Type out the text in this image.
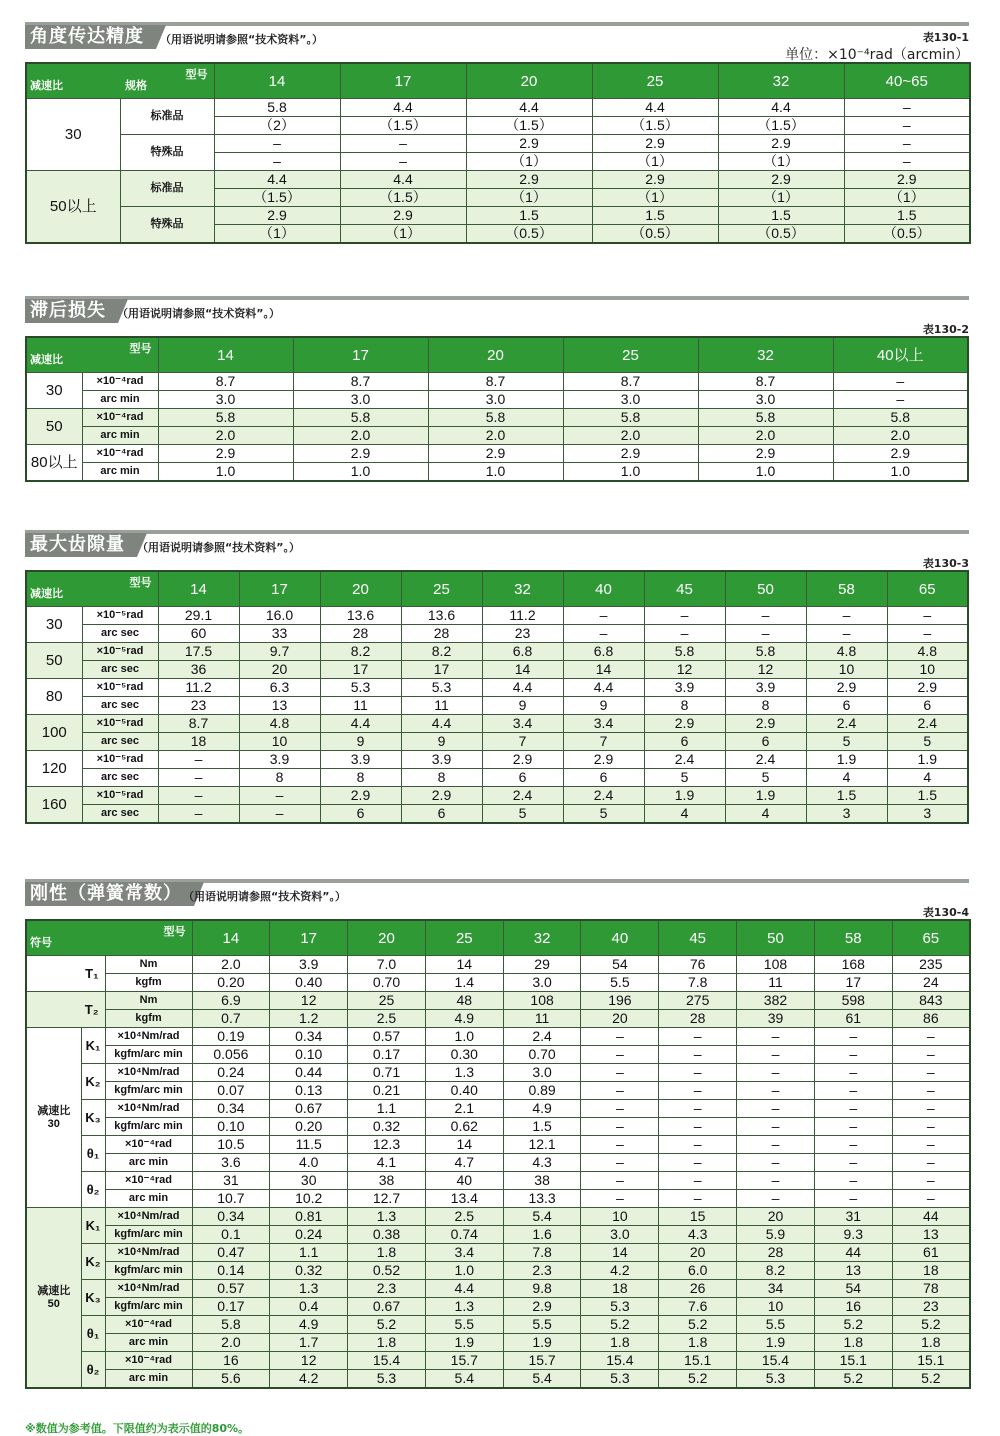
角度传达精度	（用语说明请参照“技术资料”。）	表130-1
单位：×10⁻⁴rad（arcmin）
型号
减速比 规格		14	17	20	25	32	40~65
30	标准品	5.8	4.4	4.4	4.4	4.4	–
		（2）	（1.5）	（1.5）	（1.5）	（1.5）	–
	特殊品	–	–	2.9	2.9	2.9	–
		–	–	（1）	（1）	（1）	–
50以上	标准品	4.4	4.4	2.9	2.9	2.9	2.9
		（1.5）	（1.5）	（1）	（1）	（1）	（1）
	特殊品	2.9	2.9	1.5	1.5	1.5	1.5
		（1）	（1）	（0.5）	（0.5）	（0.5）	（0.5）
滞后损失	（用语说明请参照“技术资料”。）
表130-2
型号
减速比		14	17	20	25	32	40以上
30	×10⁻⁴rad	8.7	8.7	8.7	8.7	8.7	–
	arc min	3.0	3.0	3.0	3.0	3.0	–
50	×10⁻⁴rad	5.8	5.8	5.8	5.8	5.8	5.8
	arc min	2.0	2.0	2.0	2.0	2.0	2.0
80以上	×10⁻⁴rad	2.9	2.9	2.9	2.9	2.9	2.9
	arc min	1.0	1.0	1.0	1.0	1.0	1.0
最大齿隙量	（用语说明请参照“技术资料”。）
表130-3
型号
减速比		14	17	20	25	32	40	45	50	58	65
30	×10⁻⁵rad	29.1	16.0	13.6	13.6	11.2	–	–	–	–	–
	arc sec	60	33	28	28	23	–	–	–	–	–
50	×10⁻⁵rad	17.5	9.7	8.2	8.2	6.8	6.8	5.8	5.8	4.8	4.8
	arc sec	36	20	17	17	14	14	12	12	10	10
80	×10⁻⁵rad	11.2	6.3	5.3	5.3	4.4	4.4	3.9	3.9	2.9	2.9
	arc sec	23	13	11	11	9	9	8	8	6	6
100	×10⁻⁵rad	8.7	4.8	4.4	4.4	3.4	3.4	2.9	2.9	2.4	2.4
	arc sec	18	10	9	9	7	7	6	6	5	5
120	×10⁻⁵rad	–	3.9	3.9	3.9	2.9	2.9	2.4	2.4	1.9	1.9
	arc sec	–	8	8	8	6	6	5	5	4	4
160	×10⁻⁵rad	–	–	2.9	2.9	2.4	2.4	1.9	1.9	1.5	1.5
	arc sec	–	–	6	6	5	5	4	4	3	3
刚性（弹簧常数） （用语说明请参照“技术资料”。）
表130-4
型号
符号			14	17	20	25	32	40	45	50	58	65
T₁		Nm	2.0	3.9	7.0	14	29	54	76	108	168	235
		kgfm	0.20	0.40	0.70	1.4	3.0	5.5	7.8	11	17	24
T₂		Nm	6.9	12	25	48	108	196	275	382	598	843
		kgfm	0.7	1.2	2.5	4.9	11	20	28	39	61	86
减速比
30	K₁	×10⁴Nm/rad	0.19	0.34	0.57	1.0	2.4	–	–	–	–	–
		kgfm/arc min	0.056	0.10	0.17	0.30	0.70	–	–	–	–	–
	K₂	×10⁴Nm/rad	0.24	0.44	0.71	1.3	3.0	–	–	–	–	–
		kgfm/arc min	0.07	0.13	0.21	0.40	0.89	–	–	–	–	–
	K₃	×10⁴Nm/rad	0.34	0.67	1.1	2.1	4.9	–	–	–	–	–
		kgfm/arc min	0.10	0.20	0.32	0.62	1.5	–	–	–	–	–
	θ₁	×10⁻⁴rad	10.5	11.5	12.3	14	12.1	–	–	–	–	–
		arc min	3.6	4.0	4.1	4.7	4.3	–	–	–	–	–
	θ₂	×10⁻⁴rad	31	30	38	40	38	–	–	–	–	–
		arc min	10.7	10.2	12.7	13.4	13.3	–	–	–	–	–
减速比
50	K₁	×10⁴Nm/rad	0.34	0.81	1.3	2.5	5.4	10	15	20	31	44
		kgfm/arc min	0.1	0.24	0.38	0.74	1.6	3.0	4.3	5.9	9.3	13
	K₂	×10⁴Nm/rad	0.47	1.1	1.8	3.4	7.8	14	20	28	44	61
		kgfm/arc min	0.14	0.32	0.52	1.0	2.3	4.2	6.0	8.2	13	18
	K₃	×10⁴Nm/rad	0.57	1.3	2.3	4.4	9.8	18	26	34	54	78
		kgfm/arc min	0.17	0.4	0.67	1.3	2.9	5.3	7.6	10	16	23
	θ₁	×10⁻⁴rad	5.8	4.9	5.2	5.5	5.5	5.2	5.2	5.5	5.2	5.2
		arc min	2.0	1.7	1.8	1.9	1.9	1.8	1.8	1.9	1.8	1.8
	θ₂	×10⁻⁴rad	16	12	15.4	15.7	15.7	15.4	15.1	15.4	15.1	15.1
		arc min	5.6	4.2	5.3	5.4	5.4	5.3	5.2	5.3	5.2	5.2
※数值为参考值。下限值约为表示值的80%。
